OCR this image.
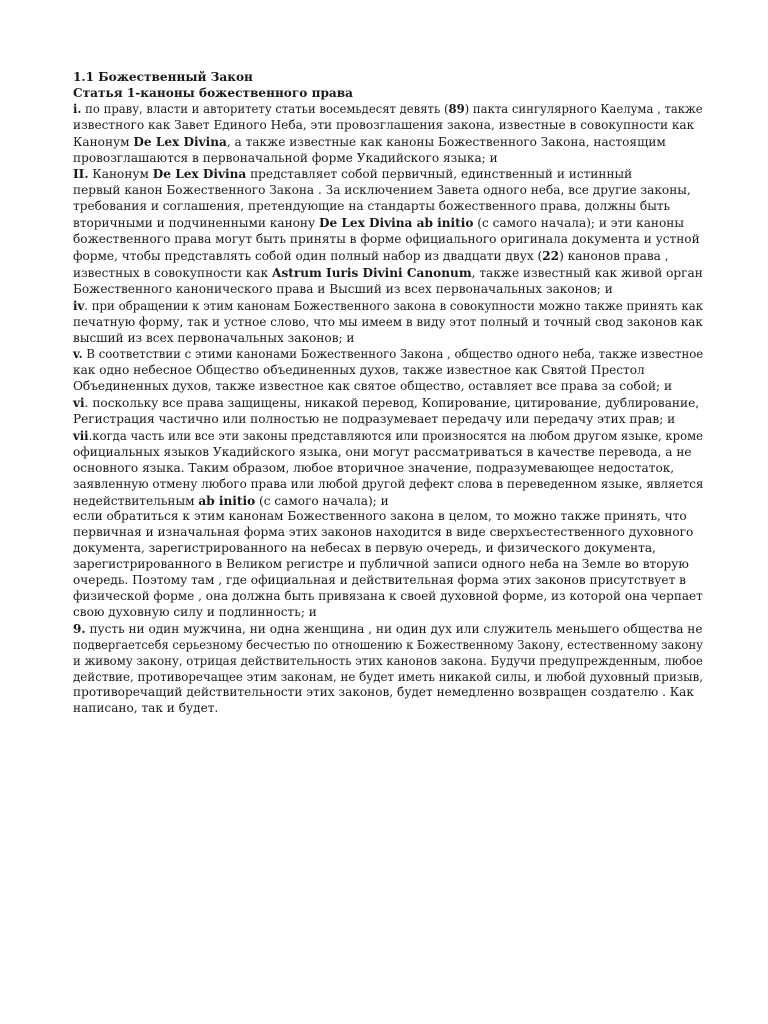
1.1 Божественный Закон
Статья 1-каноны божественного права
i. по праву, власти и авторитету статьи восемьдесят девять (89) пакта сингулярного Каелума , также
известного как Завет Единого Неба, эти провозглашения закона, известные в совокупности как
Канонум De Lex Divina, а также известные как каноны Божественного Закона, настоящим
провозглашаются в первоначальной форме Укадийского языка; и
II. Канонум De Lex Divina представляет собой первичный, единственный и истинный
первый канон Божественного Закона . За исключением Завета одного неба, все другие законы,
требования и соглашения, претендующие на стандарты божественного права, должны быть
вторичными и подчиненными канону De Lex Divina ab initio (с самого начала); и эти каноны
божественного права могут быть приняты в форме официального оригинала документа и устной
форме, чтобы представлять собой один полный набор из двадцати двух (22) канонов права ,
известных в совокупности как Astrum Iuris Divini Canonum, также известный как живой орган
Божественного канонического права и Высший из всех первоначальных законов; и
iv. при обращении к этим канонам Божественного закона в совокупности можно также принять как
печатную форму, так и устное слово, что мы имеем в виду этот полный и точный свод законов как
высший из всех первоначальных законов; и
v. В соответствии с этими канонами Божественного Закона , общество одного неба, также известное
как одно небесное Общество объединенных духов, также известное как Святой Престол
Объединенных духов, также известное как святое общество, оставляет все права за собой; и
vi. поскольку все права защищены, никакой перевод, Копирование, цитирование, дублирование,
Регистрация частично или полностью не подразумевает передачу или передачу этих прав; и
vii.когда часть или все эти законы представляются или произносятся на любом другом языке, кроме
официальных языков Укадийского языка, они могут рассматриваться в качестве перевода, а не
основного языка. Таким образом, любое вторичное значение, подразумевающее недостаток,
заявленную отмену любого права или любой другой дефект слова в переведенном языке, является
недействительным ab initio (с самого начала); и
если обратиться к этим канонам Божественного закона в целом, то можно также принять, что
первичная и изначальная форма этих законов находится в виде сверхъестественного духовного
документа, зарегистрированного на небесах в первую очередь, и физического документа,
зарегистрированного в Великом регистре и публичной записи одного неба на Земле во вторую
очередь. Поэтому там , где официальная и действительная форма этих законов присутствует в
физической форме , она должна быть привязана к своей духовной форме, из которой она черпает
свою духовную силу и подлинность; и
9. пусть ни один мужчина, ни одна женщина , ни один дух или служитель меньшего общества не
подвергаетсебя серьезному бесчестью по отношению к Божественному Закону, естественному закону
и живому закону, отрицая действительность этих канонов закона. Будучи предупрежденным, любое
действие, противоречащее этим законам, не будет иметь никакой силы, и любой духовный призыв,
противоречащий действительности этих законов, будет немедленно возвращен создателю . Как
написано, так и будет.
